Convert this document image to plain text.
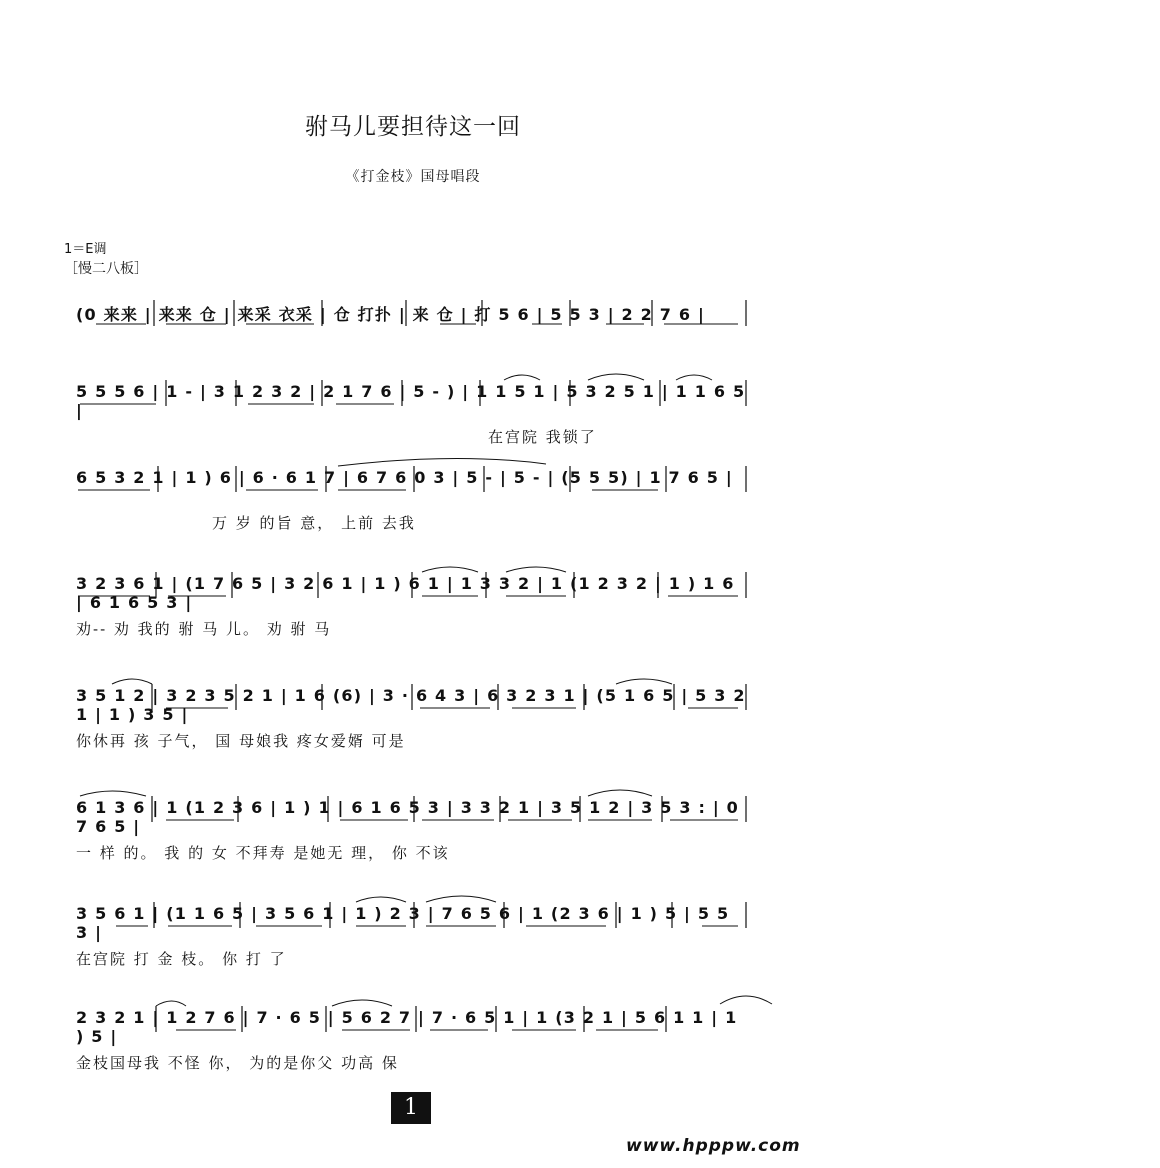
驸马儿要担待这一回
《打金枝》国母唱段
1＝E调
［慢二八板］
(0 来来 | 来来 仓 | 来采 衣采 | 仓 打扑 | 来 仓 | 打 5 6 | 5 5 3 | 2 2 7 6 |
5 5 5 6 | 1 - | 3 1 2 3 2 | 2 1 7 6 | 5 - ) | 1 1 5 1 | 5 3 2 5 1 | 1 1 6 5 |
在宫院 我锁了
6 5 3 2 1 | 1 ) 6 | 6 · 6 1 7 | 6 7 6 0 3 | 5 - | 5 - | (5 5 5) | 1 7 6 5 |
万 岁 的旨 意， 上前 去我
3 2 3 6 1 | (1 7 6 5 | 3 2 6 1 | 1 ) 6 1 | 1 3 3 2 | 1 (1 2 3 2 | 1 ) 1 6 | 6 1 6 5 3 |
劝-- 劝 我的 驸 马 儿。 劝 驸 马
3 5 1 2 | 3 2 3 5 2 1 | 1 6 (6) | 3 · 6 4 3 | 6 3 2 3 1 | (5 1 6 5 | 5 3 2 1 | 1 ) 3 5 |
你休再 孩 子气， 国 母娘我 疼女爱婿 可是
6 1 3 6 | 1 (1 2 3 6 | 1 ) 1 | 6 1 6 5 3 | 3 3 2 1 | 3 5 1 2 | 3 5 3 : | 0 7 6 5 |
一 样 的。 我 的 女 不拜寿 是她无 理， 你 不该
3 5 6 1 | (1 1 6 5 | 3 5 6 1 | 1 ) 2 3 | 7 6 5 6 | 1 (2 3 6 | 1 ) 5 | 5 5 3 |
在宫院 打 金 枝。 你 打 了
2 3 2 1 | 1 2 7 6 | 7 · 6 5 | 5 6 2 7 | 7 · 6 5 1 | 1 (3 2 1 | 5 6 1 1 | 1 ) 5 |
金枝国母我 不怪 你， 为的是你父 功高 保
1
www.hpppw.com
